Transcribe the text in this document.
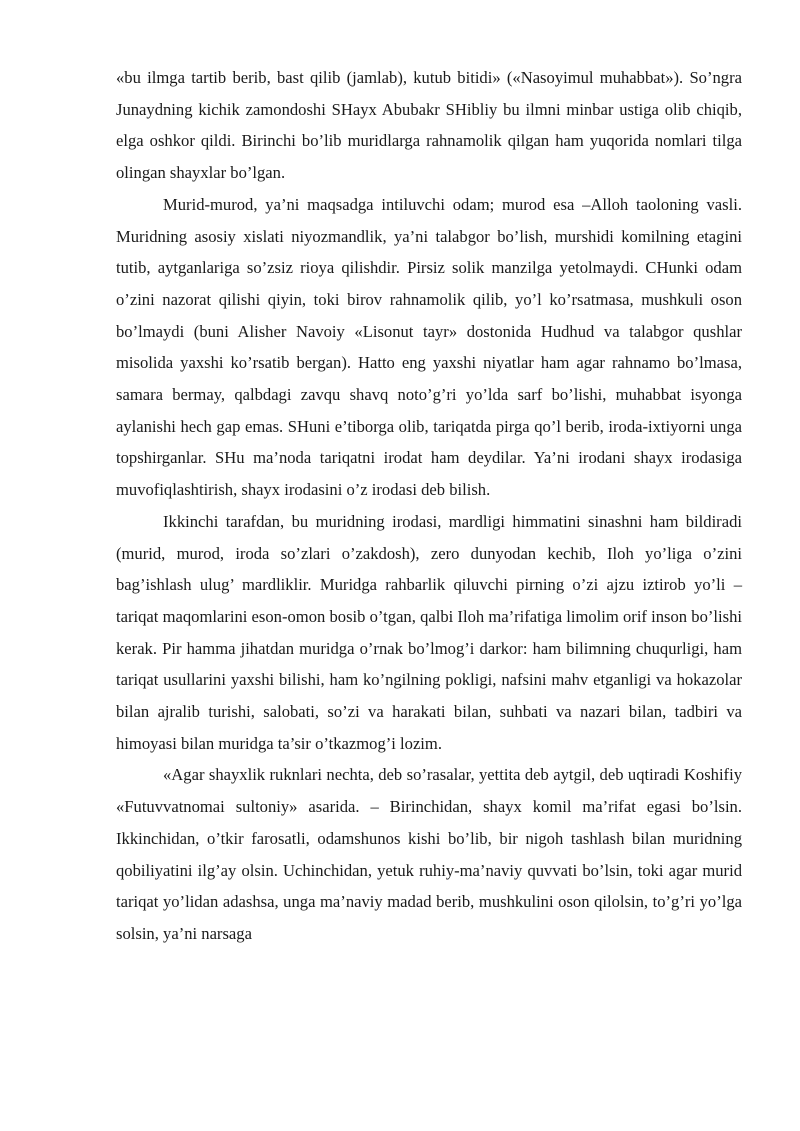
«bu ilmga tartib berib, bast qilib (jamlab), kutub bitidi» («Nasoyimul muhabbat»). So’ngra Junaydning kichik zamondoshi SHayx Abubakr SHibliy bu ilmni minbar ustiga olib chiqib, elga oshkor qildi. Birinchi bo’lib muridlarga rahnamolik qilgan ham yuqorida nomlari tilga olingan shayxlar bo’lgan.

Murid-murod, ya’ni maqsadga intiluvchi odam; murod esa –Alloh taoloning vasli. Muridning asosiy xislati niyozmandlik, ya’ni talabgor bo’lish, murshidi komilning etagini tutib, aytganlariga so’zsiz rioya qilishdir. Pirsiz solik manzilga yetolmaydi. CHunki odam o’zini nazorat qilishi qiyin, toki birov rahnamolik qilib, yo’l ko’rsatmasa, mushkuli oson bo’lmaydi (buni Alisher Navoiy «Lisonut tayr» dostonida Hudhud va talabgor qushlar misolida yaxshi ko’rsatib bergan). Hatto eng yaxshi niyatlar ham agar rahnamo bo’lmasa, samara bermay, qalbdagi zavqu shavq noto’g’ri yo’lda sarf bo’lishi, muhabbat isyonga aylanishi hech gap emas. SHuni e’tiborga olib, tariqatda pirga qo’l berib, iroda-ixtiyorni unga topshirganlar. SHu ma’noda tariqatni irodat ham deydilar. Ya’ni irodani shayx irodasiga muvofiqlashtirish, shayx irodasini o’z irodasi deb bilish.

Ikkinchi tarafdan, bu muridning irodasi, mardligi himmatini sinashni ham bildiradi (murid, murod, iroda so’zlari o’zakdosh), zero dunyodan kechib, Iloh yo’liga o’zini bag’ishlash ulug’ mardliklir. Muridga rahbarlik qiluvchi pirning o’zi ajzu iztirob yo’li – tariqat maqomlarini eson-omon bosib o’tgan, qalbi Iloh ma’rifatiga limolim orif inson bo’lishi kerak. Pir hamma jihatdan muridga o’rnak bo’lmog’i darkor: ham bilimning chuqurligi, ham tariqat usullarini yaxshi bilishi, ham ko’ngilning pokligi, nafsini mahv etganligi va hokazolar bilan ajralib turishi, salobati, so’zi va harakati bilan, suhbati va nazari bilan, tadbiri va himoyasi bilan muridga ta’sir o’tkazmog’i lozim.

«Agar shayxlik ruknlari nechta, deb so’rasalar, yettita deb aytgil, deb uqtiradi Koshifiy «Futuvvatnomai sultoniy» asarida. – Birinchidan, shayx komil ma’rifat egasi bo’lsin. Ikkinchidan, o’tkir farosatli, odamshunos kishi bo’lib, bir nigoh tashlash bilan muridning qobiliyatini ilg’ay olsin. Uchinchidan, yetuk ruhiy-ma’naviy quvvati bo’lsin, toki agar murid tariqat yo’lidan adashsa, unga ma’naviy madad berib, mushkulini oson qilolsin, to’g’ri yo’lga solsin, ya’ni narsaga
